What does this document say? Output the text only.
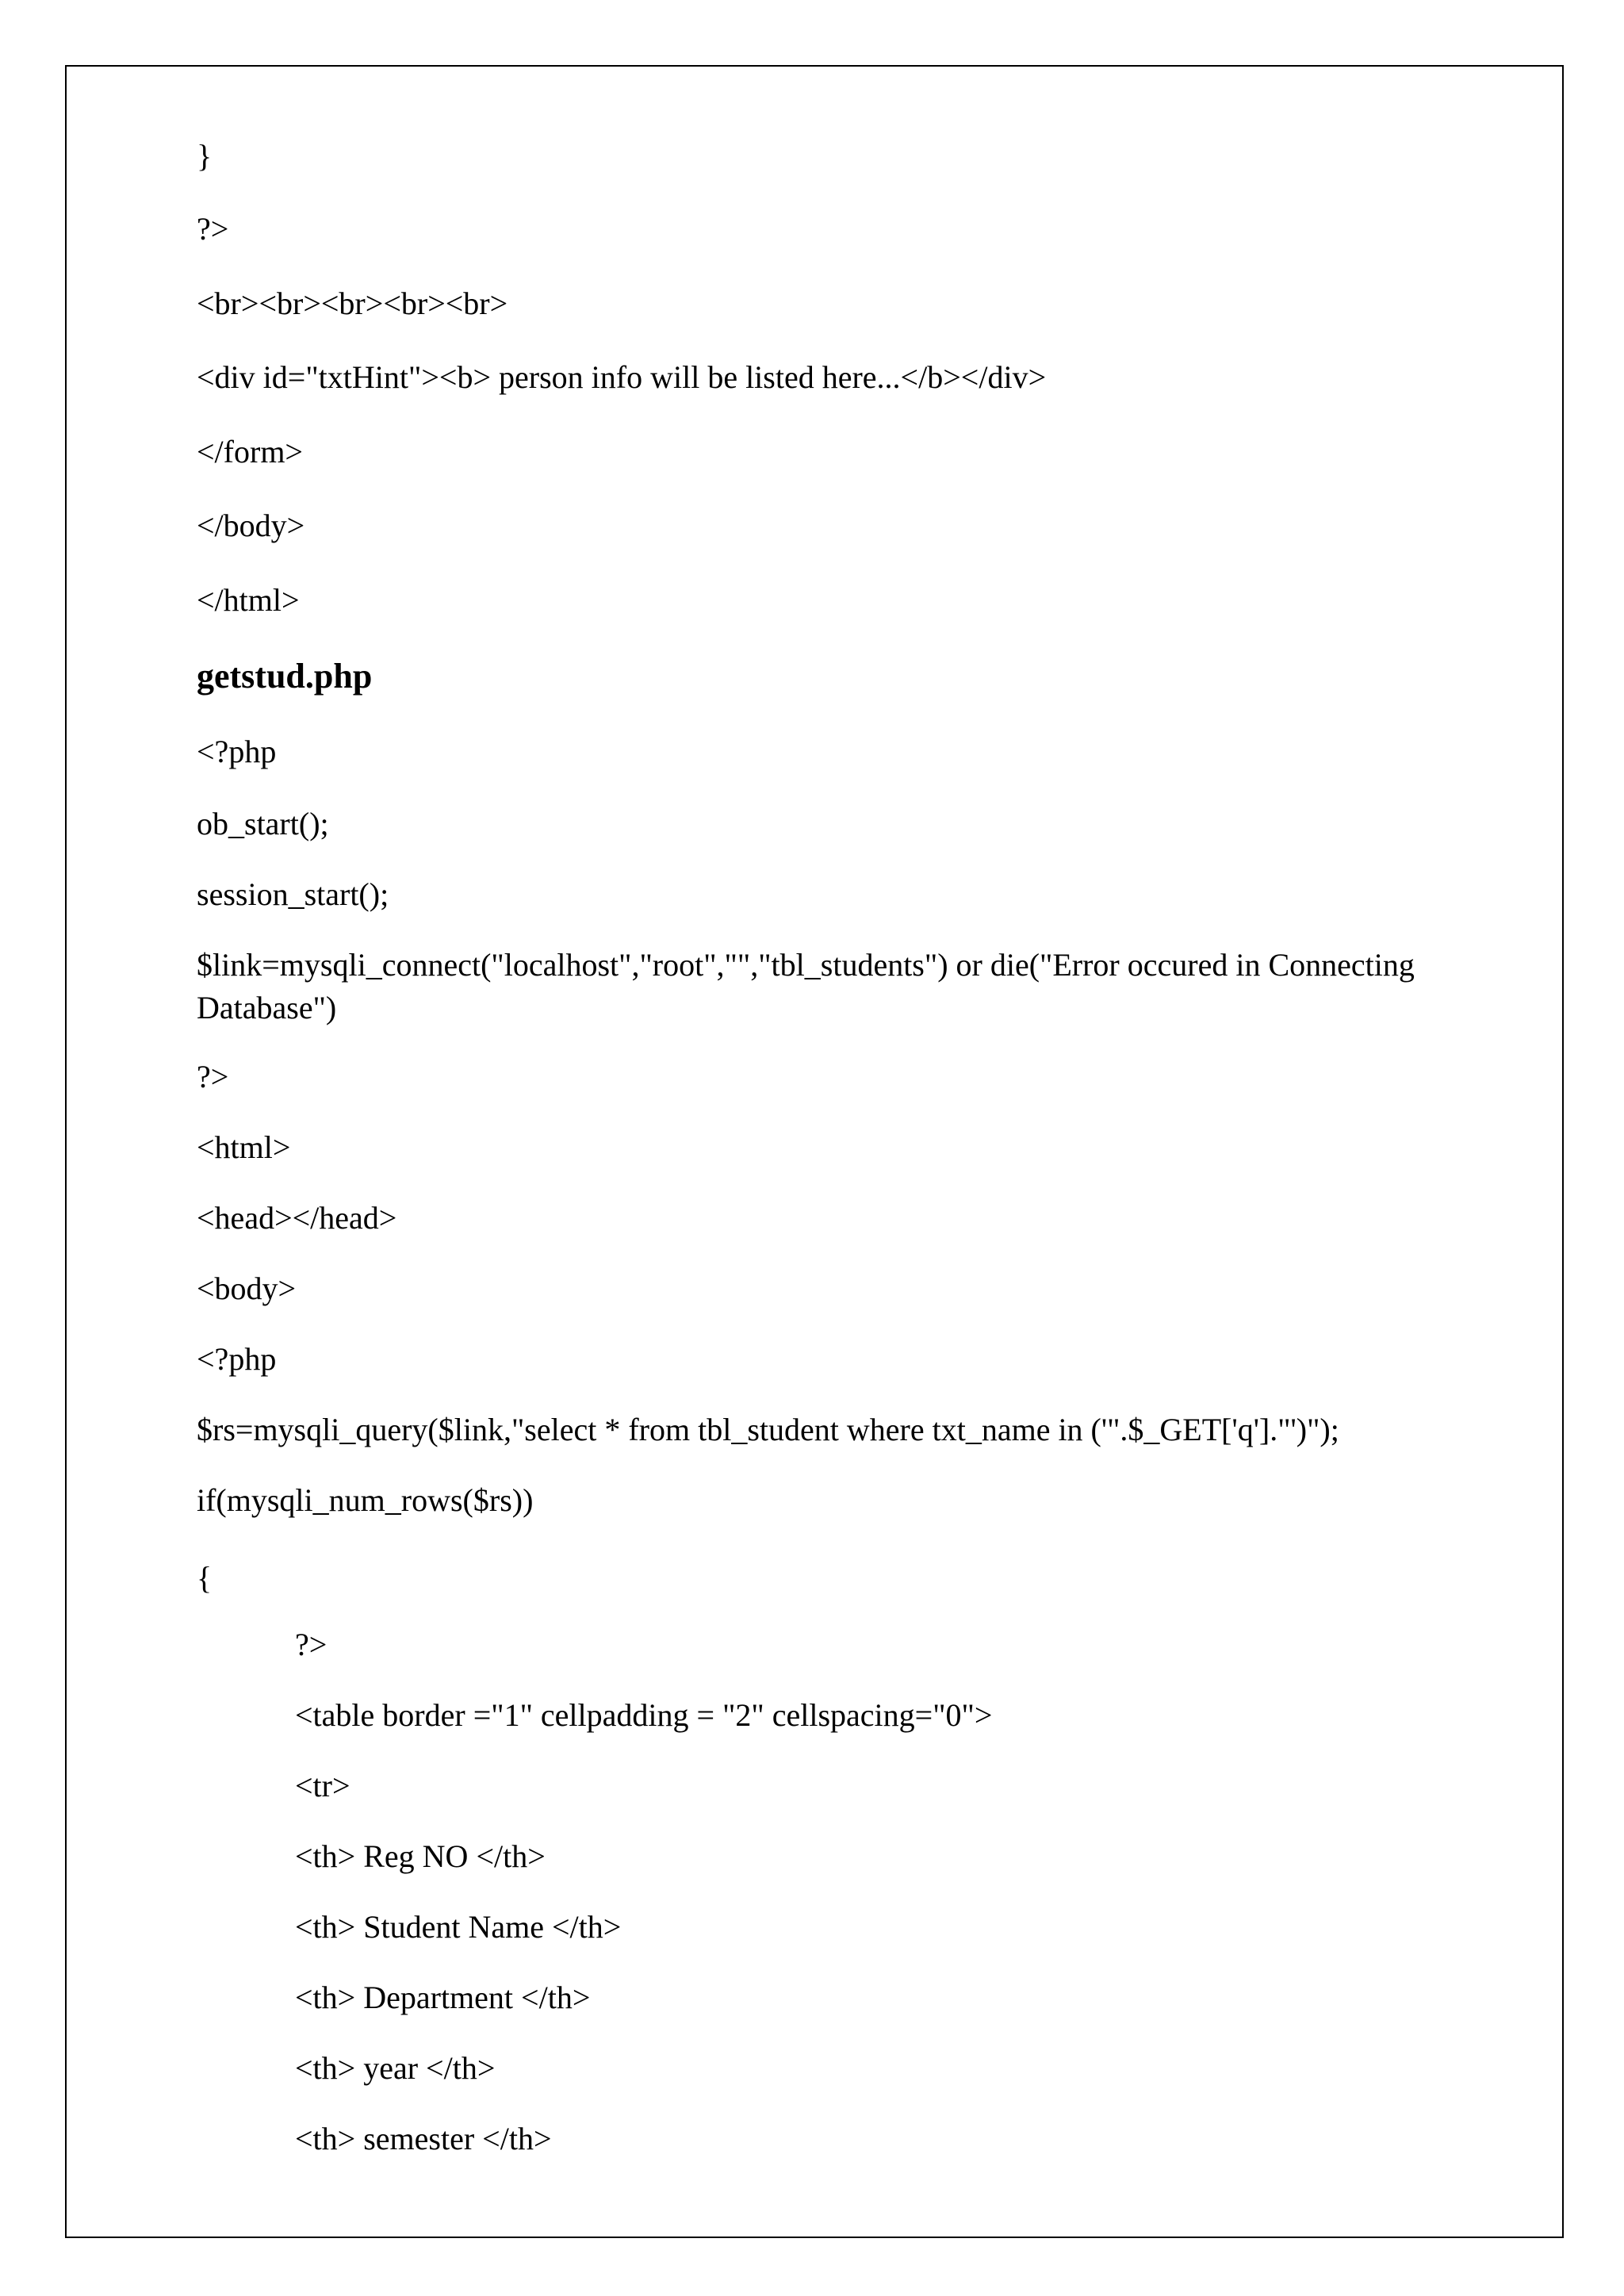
}

?>

<br><br><br><br><br>

<div id="txtHint"><b> person info will be listed here...</b></div>

</form>

</body>

</html>

getstud.php

<?php

ob_start();

session_start();

$link=mysqli_connect("localhost","root","","tbl_students") or die("Error occured in Connecting Database")

?>

<html>

<head></head>

<body>

<?php

$rs=mysqli_query($link,"select * from tbl_student where txt_name in ('".$_GET['q']."')");

if(mysqli_num_rows($rs))

{

?>

<table border ="1" cellpadding = "2" cellspacing="0">

<tr>

<th> Reg NO </th>

<th> Student Name </th>

<th> Department </th>

<th> year </th>

<th> semester </th>
